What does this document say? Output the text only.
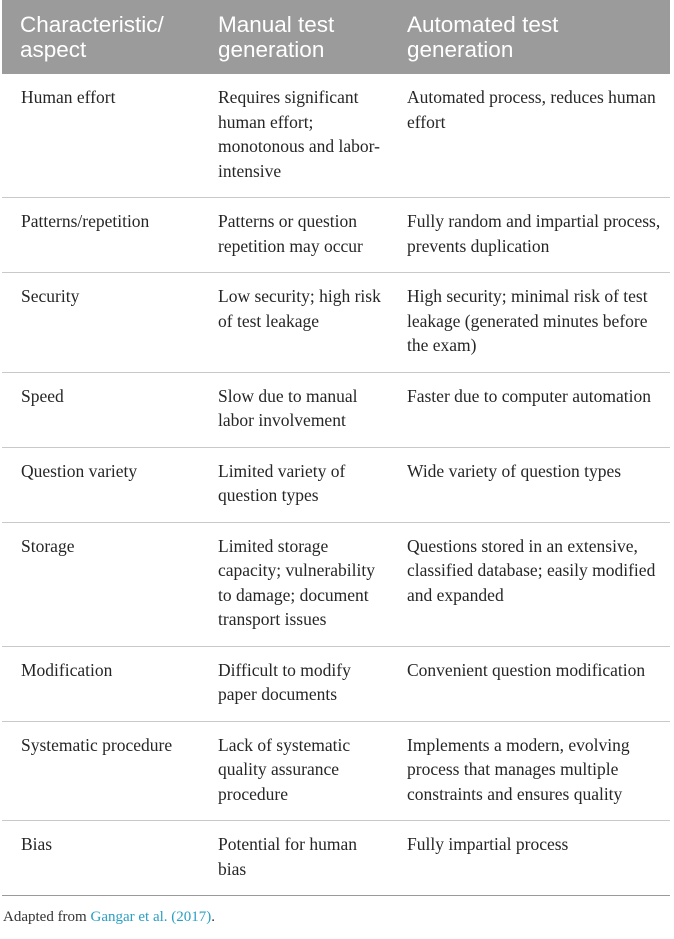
Characteristic/ aspect	Manual test generation	Automated test generation
Human effort	Requires significant human effort; monotonous and labor-intensive	Automated process, reduces human effort
Patterns/repetition	Patterns or question repetition may occur	Fully random and impartial process, prevents duplication
Security	Low security; high risk of test leakage	High security; minimal risk of test leakage (generated minutes before the exam)
Speed	Slow due to manual labor involvement	Faster due to computer automation
Question variety	Limited variety of question types	Wide variety of question types
Storage	Limited storage capacity; vulnerability to damage; document transport issues	Questions stored in an extensive, classified database; easily modified and expanded
Modification	Difficult to modify paper documents	Convenient question modification
Systematic procedure	Lack of systematic quality assurance procedure	Implements a modern, evolving process that manages multiple constraints and ensures quality
Bias	Potential for human bias	Fully impartial process
Adapted from Gangar et al. (2017).
